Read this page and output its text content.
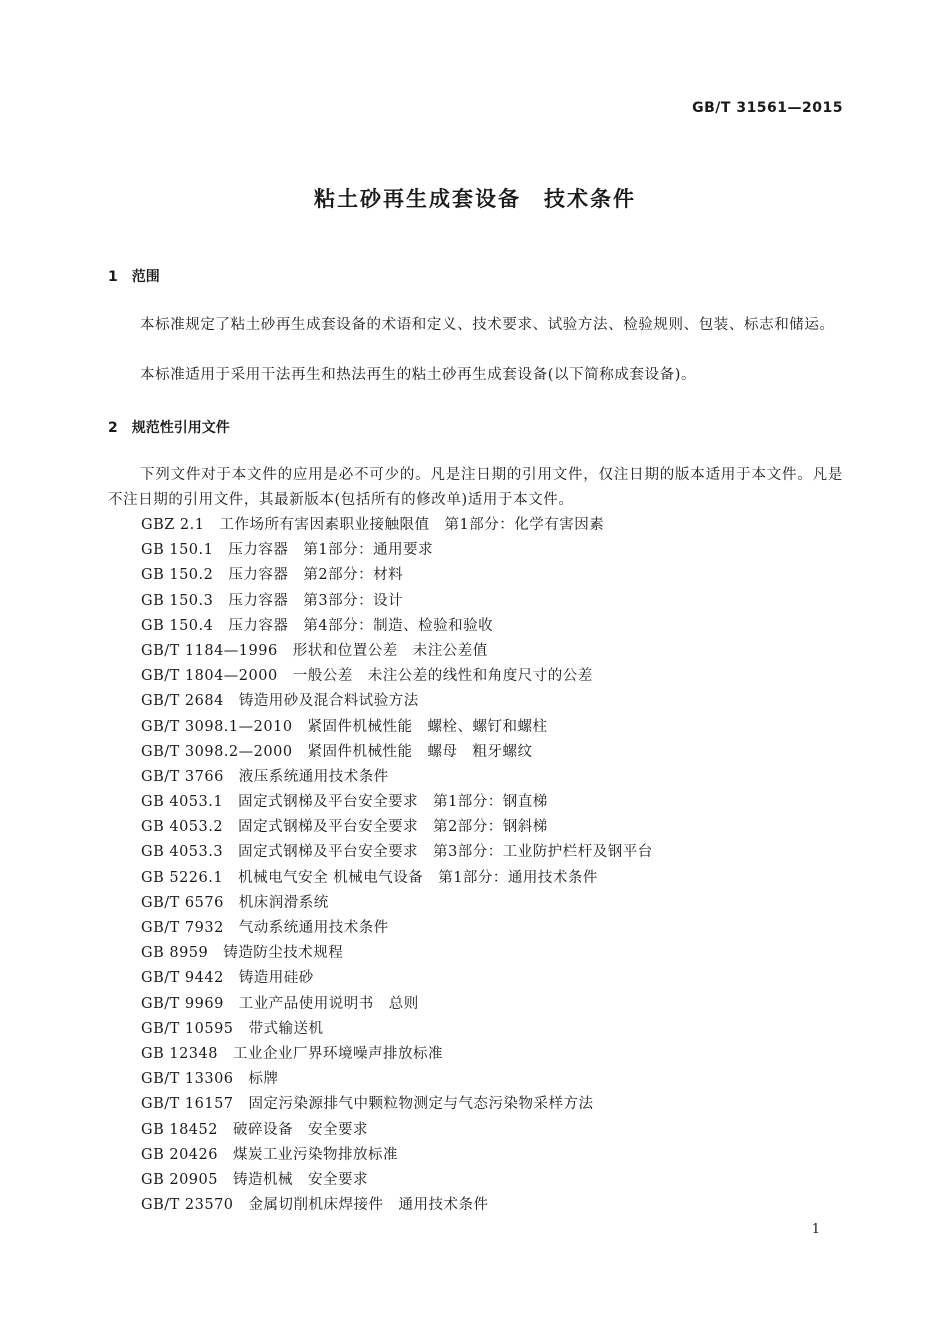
GB/T 31561—2015
粘土砂再生成套设备　技术条件
1　范围

本标准规定了粘土砂再生成套设备的术语和定义、技术要求、试验方法、检验规则、包装、标志和储运。

本标准适用于采用干法再生和热法再生的粘土砂再生成套设备(以下简称成套设备)。

2　规范性引用文件

下列文件对于本文件的应用是必不可少的。凡是注日期的引用文件，仅注日期的版本适用于本文件。凡是不注日期的引用文件，其最新版本(包括所有的修改单)适用于本文件。

GBZ 2.1　工作场所有害因素职业接触限值　第1部分：化学有害因素
GB 150.1　压力容器　第1部分：通用要求
GB 150.2　压力容器　第2部分：材料
GB 150.3　压力容器　第3部分：设计
GB 150.4　压力容器　第4部分：制造、检验和验收
GB/T 1184—1996　形状和位置公差　未注公差值
GB/T 1804—2000　一般公差　未注公差的线性和角度尺寸的公差
GB/T 2684　铸造用砂及混合料试验方法
GB/T 3098.1—2010　紧固件机械性能　螺栓、螺钉和螺柱
GB/T 3098.2—2000　紧固件机械性能　螺母　粗牙螺纹
GB/T 3766　液压系统通用技术条件
GB 4053.1　固定式钢梯及平台安全要求　第1部分：钢直梯
GB 4053.2　固定式钢梯及平台安全要求　第2部分：钢斜梯
GB 4053.3　固定式钢梯及平台安全要求　第3部分：工业防护栏杆及钢平台
GB 5226.1　机械电气安全 机械电气设备　第1部分：通用技术条件
GB/T 6576　机床润滑系统
GB/T 7932　气动系统通用技术条件
GB 8959　铸造防尘技术规程
GB/T 9442　铸造用硅砂
GB/T 9969　工业产品使用说明书　总则
GB/T 10595　带式输送机
GB 12348　工业企业厂界环境噪声排放标准
GB/T 13306　标牌
GB/T 16157　固定污染源排气中颗粒物测定与气态污染物采样方法
GB 18452　破碎设备　安全要求
GB 20426　煤炭工业污染物排放标准
GB 20905　铸造机械　安全要求
GB/T 23570　金属切削机床焊接件　通用技术条件
1
